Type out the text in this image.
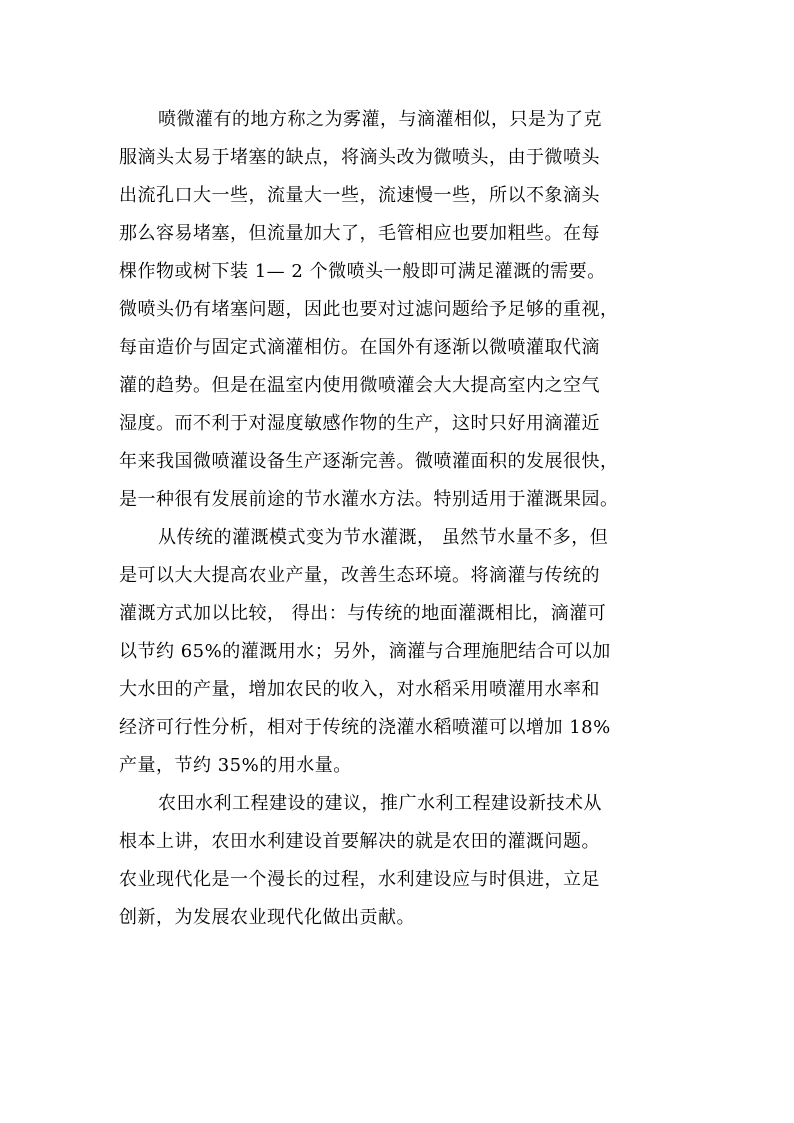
喷微灌有的地方称之为雾灌，与滴灌相似，只是为了克
服滴头太易于堵塞的缺点，将滴头改为微喷头，由于微喷头
出流孔口大一些，流量大一些，流速慢一些，所以不象滴头
那么容易堵塞，但流量加大了，毛管相应也要加粗些。在每
棵作物或树下装 1— 2 个微喷头一般即可满足灌溉的需要。
微喷头仍有堵塞问题，因此也要对过滤问题给予足够的重视，
每亩造价与固定式滴灌相仿。在国外有逐渐以微喷灌取代滴
灌的趋势。但是在温室内使用微喷灌会大大提高室内之空气
湿度。而不利于对湿度敏感作物的生产，这时只好用滴灌近
年来我国微喷灌设备生产逐渐完善。微喷灌面积的发展很快，
是一种很有发展前途的节水灌水方法。特别适用于灌溉果园。
从传统的灌溉模式变为节水灌溉， 虽然节水量不多，但
是可以大大提高农业产量，改善生态环境。将滴灌与传统的
灌溉方式加以比较， 得出：与传统的地面灌溉相比，滴灌可
以节约 65%的灌溉用水；另外，滴灌与合理施肥结合可以加
大水田的产量，增加农民的收入，对水稻采用喷灌用水率和
经济可行性分析，相对于传统的浇灌水稻喷灌可以增加 18%
产量，节约 35%的用水量。
农田水利工程建设的建议，推广水利工程建设新技术从
根本上讲，农田水利建设首要解决的就是农田的灌溉问题。
农业现代化是一个漫长的过程，水利建设应与时俱进，立足
创新，为发展农业现代化做出贡献。
